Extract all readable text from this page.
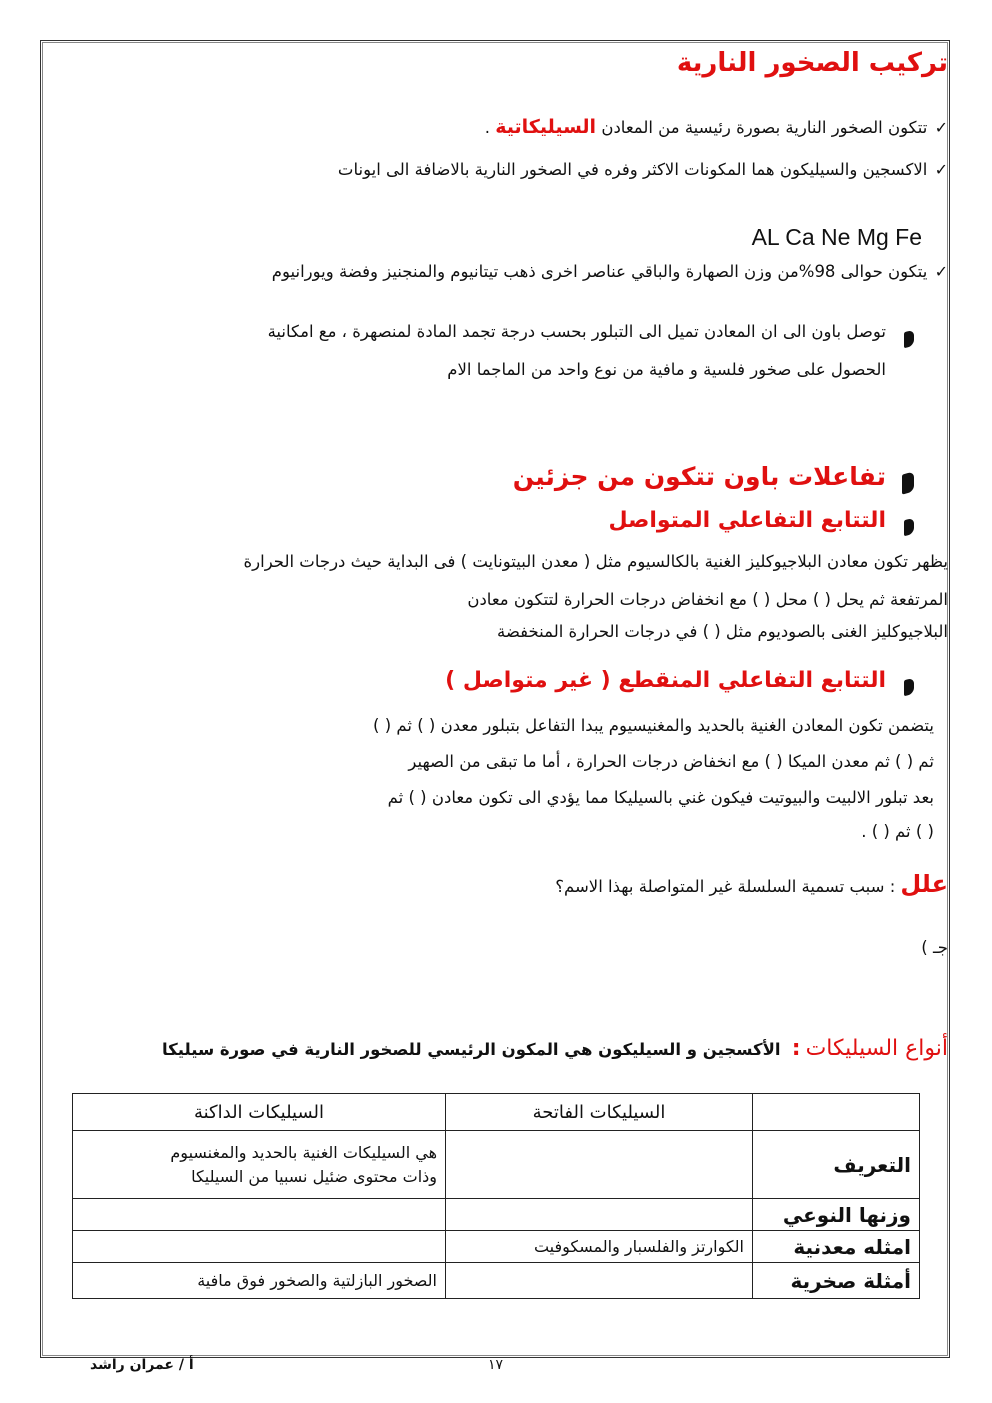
تركيب الصخور النارية
✓ تتكون الصخور النارية بصورة رئيسية من المعادن السيليكاتية .
✓ الاكسجين والسيليكون هما المكونات الاكثر وفره في الصخور النارية بالاضافة الى ايونات
AL Ca Ne Mg Fe
✓ يتكون حوالى 98%من وزن الصهارة والباقي عناصر اخرى ذهب تيتانيوم والمنجنيز وفضة ويورانيوم
توصل باون الى ان المعادن تميل الى التبلور بحسب درجة تجمد المادة لمنصهرة ، مع امكانية
الحصول على صخور فلسية و مافية من نوع واحد من الماجما الام
تفاعلات باون تتكون من جزئين
التتابع التفاعلي المتواصل
يظهر تكون معادن البلاجيوكليز الغنية بالكالسيوم مثل ( معدن البيتونايت ) فى البداية حيث درجات الحرارة
المرتفعة ثم يحل ( ) محل ( ) مع انخفاض درجات الحرارة لتتكون معادن
البلاجيوكليز الغنى بالصوديوم مثل ( ) في درجات الحرارة المنخفضة
التتابع التفاعلي المنقطع ( غير متواصل )
يتضمن تكون المعادن الغنية بالحديد والمغنيسيوم يبدا التفاعل بتبلور معدن ( ) ثم ( )
ثم ( ) ثم معدن الميكا ( ) مع انخفاض درجات الحرارة ، أما ما تبقى من الصهير
بعد تبلور الالبيت والبيوتيت فيكون غني بالسيليكا مما يؤدي الى تكون معادن ( ) ثم
( ) ثم ( ) .
علل : سبب تسمية السلسلة غير المتواصلة بهذا الاسم؟
جـ )
أنواع السيليكات : الأكسجين و السيليكون هي المكون الرئيسي للصخور النارية في صورة سيليكا
	السيليكات الفاتحة	السيليكات الداكنة
التعريف		هي السيليكات الغنية بالحديد والمغنسيوم
وذات محتوى ضئيل نسبيا من السيليكا

وزنها النوعي		
امثله معدنية	الكوارتز والفلسبار والمسكوفيت	
أمثلة صخرية		الصخور البازلتية والصخور فوق مافية
أ / عمران راشد	١٧
